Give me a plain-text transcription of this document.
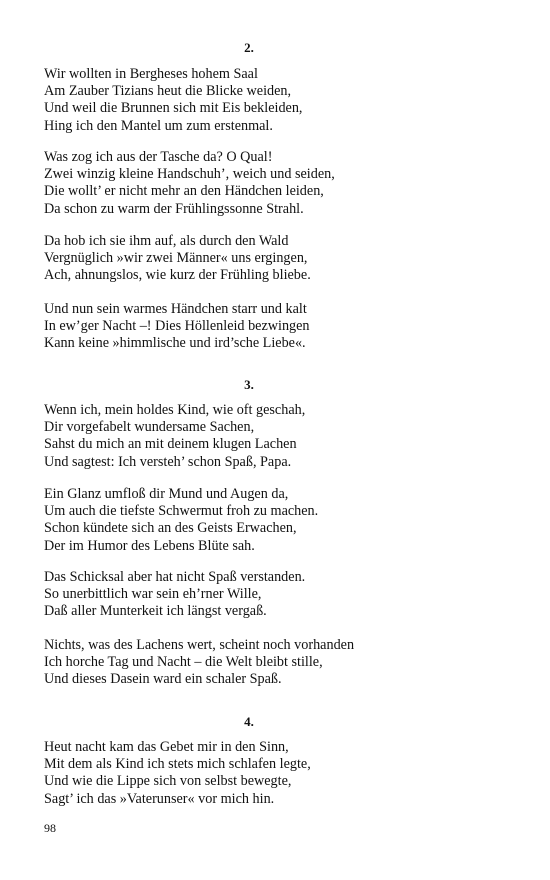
2.
Wir wollten in Bergheses hohem Saal
Am Zauber Tizians heut die Blicke weiden,
Und weil die Brunnen sich mit Eis bekleiden,
Hing ich den Mantel um zum erstenmal.
Was zog ich aus der Tasche da? O Qual!
Zwei winzig kleine Handschuh’, weich und seiden,
Die wollt’ er nicht mehr an den Händchen leiden,
Da schon zu warm der Frühlingssonne Strahl.
Da hob ich sie ihm auf, als durch den Wald
Vergnüglich »wir zwei Männer« uns ergingen,
Ach, ahnungslos, wie kurz der Frühling bliebe.
Und nun sein warmes Händchen starr und kalt
In ew’ger Nacht –! Dies Höllenleid bezwingen
Kann keine »himmlische und ird’sche Liebe«.
3.
Wenn ich, mein holdes Kind, wie oft geschah,
Dir vorgefabelt wundersame Sachen,
Sahst du mich an mit deinem klugen Lachen
Und sagtest: Ich versteh’ schon Spaß, Papa.
Ein Glanz umfloß dir Mund und Augen da,
Um auch die tiefste Schwermut froh zu machen.
Schon kündete sich an des Geists Erwachen,
Der im Humor des Lebens Blüte sah.
Das Schicksal aber hat nicht Spaß verstanden.
So unerbittlich war sein eh’rner Wille,
Daß aller Munterkeit ich längst vergaß.
Nichts, was des Lachens wert, scheint noch vorhanden
Ich horche Tag und Nacht – die Welt bleibt stille,
Und dieses Dasein ward ein schaler Spaß.
4.
Heut nacht kam das Gebet mir in den Sinn,
Mit dem als Kind ich stets mich schlafen legte,
Und wie die Lippe sich von selbst bewegte,
Sagt’ ich das »Vaterunser« vor mich hin.
98
